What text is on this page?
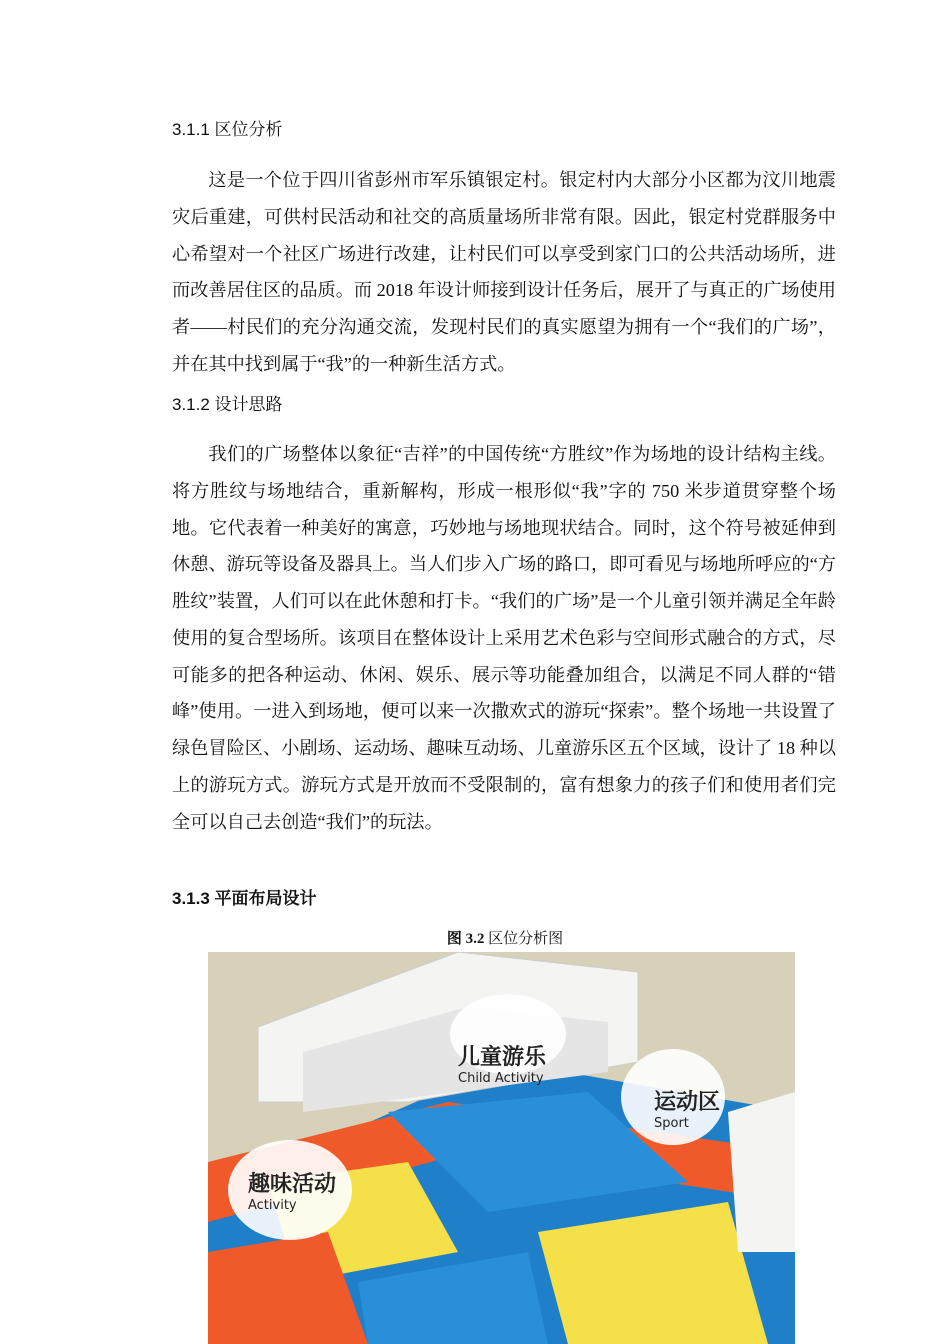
3.1.1 区位分析

这是一个位于四川省彭州市军乐镇银定村。银定村内大部分小区都为汶川地震灾后重建，可供村民活动和社交的高质量场所非常有限。因此，银定村党群服务中心希望对一个社区广场进行改建，让村民们可以享受到家门口的公共活动场所，进而改善居住区的品质。而 2018 年设计师接到设计任务后，展开了与真正的广场使用者——村民们的充分沟通交流，发现村民们的真实愿望为拥有一个“我们的广场”，并在其中找到属于“我”的一种新生活方式。

3.1.2 设计思路

我们的广场整体以象征“吉祥”的中国传统“方胜纹”作为场地的设计结构主线。将方胜纹与场地结合，重新解构，形成一根形似“我”字的 750 米步道贯穿整个场地。它代表着一种美好的寓意，巧妙地与场地现状结合。同时，这个符号被延伸到休憩、游玩等设备及器具上。当人们步入广场的路口，即可看见与场地所呼应的“方胜纹”装置，人们可以在此休憩和打卡。“我们的广场”是一个儿童引领并满足全年龄使用的复合型场所。该项目在整体设计上采用艺术色彩与空间形式融合的方式，尽可能多的把各种运动、休闲、娱乐、展示等功能叠加组合，以满足不同人群的“错峰”使用。一进入到场地，便可以来一次撒欢式的游玩“探索”。整个场地一共设置了绿色冒险区、小剧场、运动场、趣味互动场、儿童游乐区五个区域，设计了 18 种以上的游玩方式。游玩方式是开放而不受限制的，富有想象力的孩子们和使用者们完全可以自己去创造“我们”的玩法。

3.1.3 平面布局设计
图 3.2 区位分析图
儿童游乐
Child Activity
运动区
Sport
趣味活动
Activity
